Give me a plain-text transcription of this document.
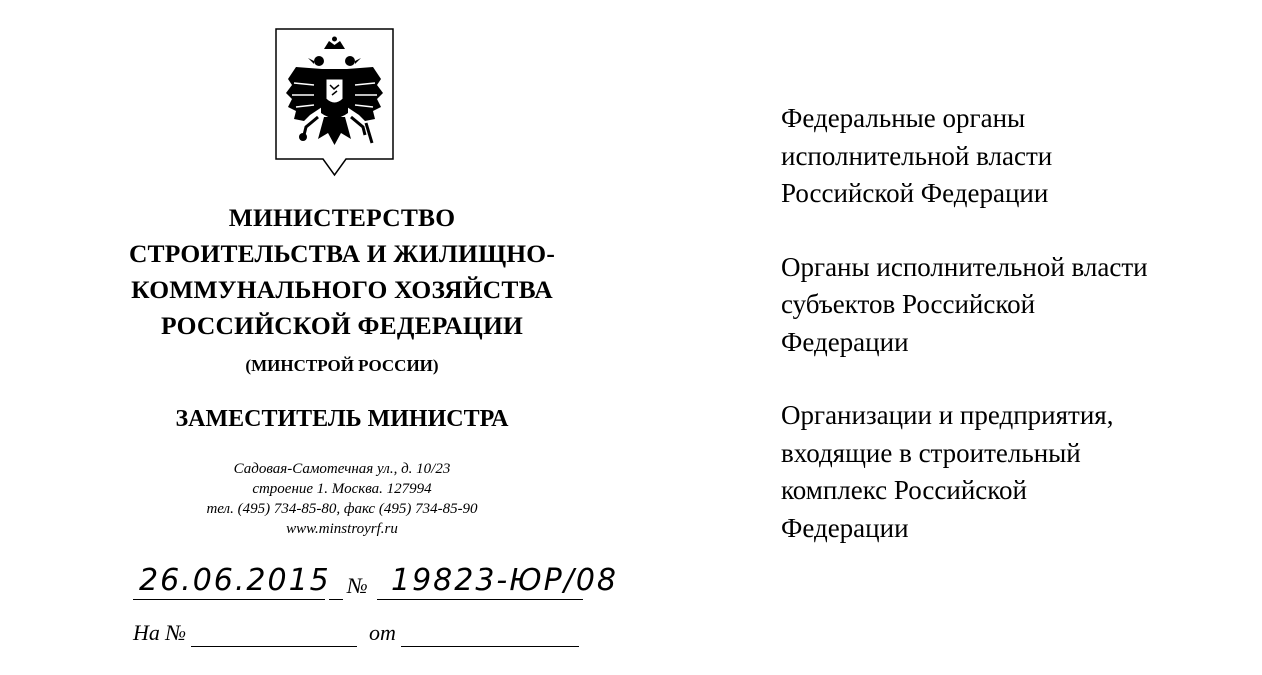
МИНИСТЕРСТВО
СТРОИТЕЛЬСТВА И ЖИЛИЩНО-
КОММУНАЛЬНОГО ХОЗЯЙСТВА
РОССИЙСКОЙ ФЕДЕРАЦИИ
(МИНСТРОЙ РОССИИ)
ЗАМЕСТИТЕЛЬ МИНИСТРА
Садовая-Самотечная ул., д. 10/23
строение 1. Москва. 127994
тел. (495) 734-85-80, факс (495) 734-85-90
www.minstroyrf.ru
26.06.2015 № 19823-ЮР/08
На №	от
Федеральные органы
исполнительной власти
Российской Федерации
Органы исполнительной власти
субъектов Российской
Федерации
Организации и предприятия,
входящие в строительный
комплекс Российской
Федерации
